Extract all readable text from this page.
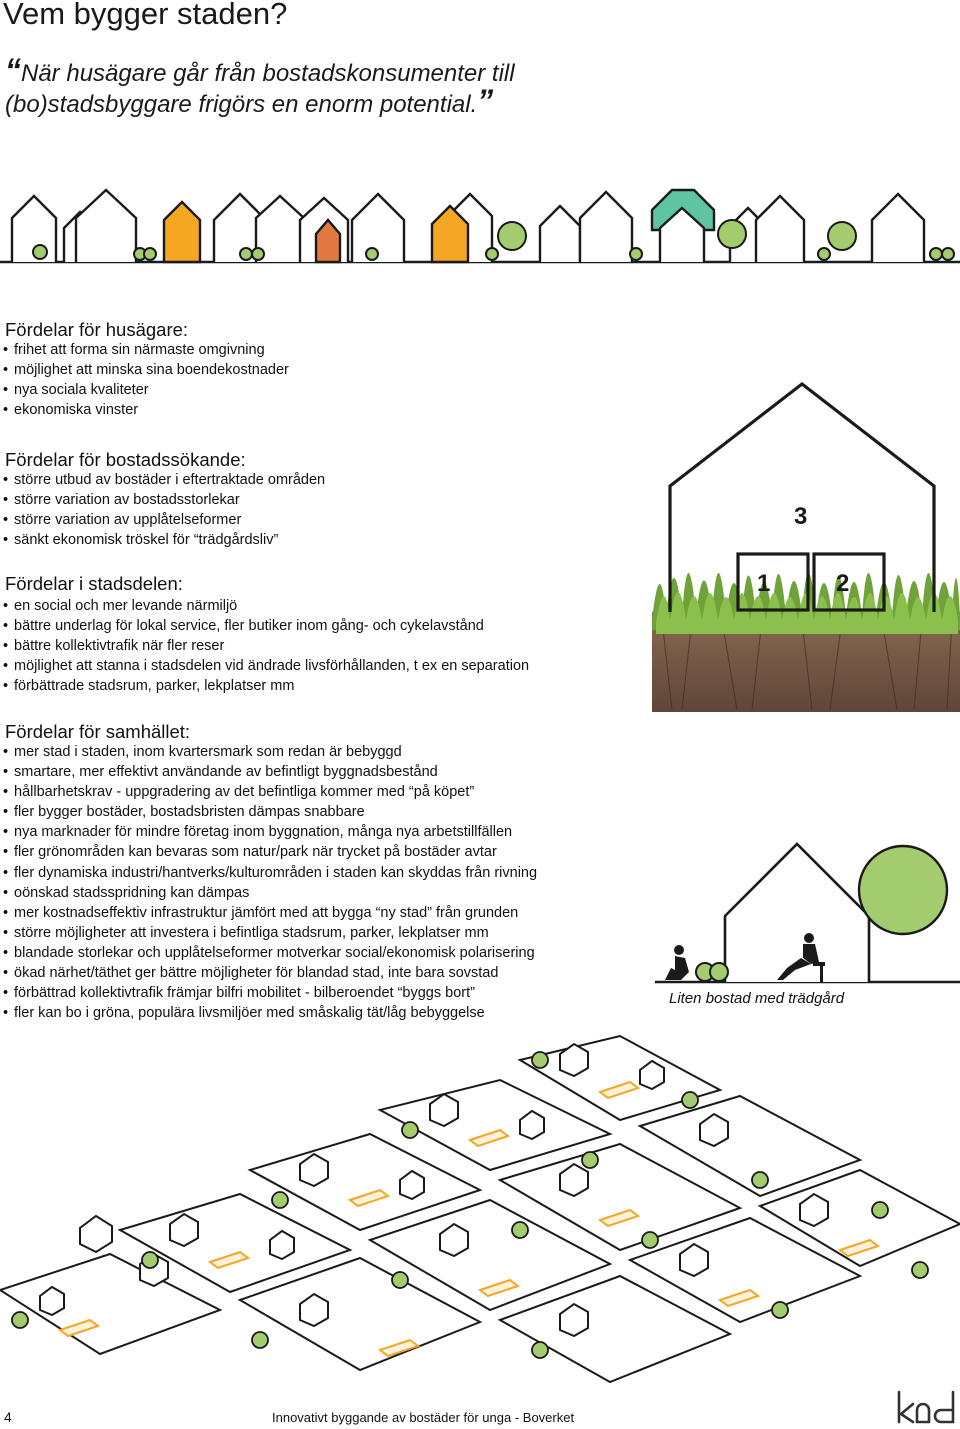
Vem bygger staden?
“När husägare går från bostadskonsumenter till (bo)stadsbyggare frigörs en enorm potential.”
Fördelar för husägare:
• frihet att forma sin närmaste omgivning
• möjlighet att minska sina boendekostnader
• nya sociala kvaliteter
• ekonomiska vinster
Fördelar för bostadssökande:
• större utbud av bostäder i eftertraktade områden
• större variation av bostadsstorlekar
• större variation av upplåtelseformer
• sänkt ekonomisk tröskel för “trädgårdsliv”
Fördelar i stadsdelen:
• en social och mer levande närmiljö
• bättre underlag för lokal service, fler butiker inom gång- och cykelavstånd
• bättre kollektivtrafik när fler reser
• möjlighet att stanna i stadsdelen vid ändrade livsförhållanden, t ex en separation
• förbättrade stadsrum, parker, lekplatser mm
Fördelar för samhället:
• mer stad i staden, inom kvartersmark som redan är bebyggd
• smartare, mer effektivt användande av befintligt byggnadsbestånd
• hållbarhetskrav - uppgradering av det befintliga kommer med “på köpet”
• fler bygger bostäder, bostadsbristen dämpas snabbare
• nya marknader för mindre företag inom byggnation, många nya arbetstillfällen
• fler grönområden kan bevaras som natur/park när trycket på bostäder avtar
• fler dynamiska industri/hantverks/kulturområden i staden kan skyddas från rivning
• oönskad stadsspridning kan dämpas
• mer kostnadseffektiv infrastruktur jämfört med att bygga “ny stad” från grunden
• större möjligheter att investera i befintliga stadsrum, parker, lekplatser mm
• blandade storlekar och upplåtelseformer motverkar social/ekonomisk polarisering
• ökad närhet/täthet ger bättre möjligheter för blandad stad, inte bara sovstad
• förbättrad kollektivtrafik främjar bilfri mobilitet - bilberoendet “byggs bort”
• fler kan bo i gröna, populära livsmiljöer med småskalig tät/låg bebyggelse
3
1	2
Liten bostad med trädgård
4	Innovativt byggande av bostäder för unga - Boverket
